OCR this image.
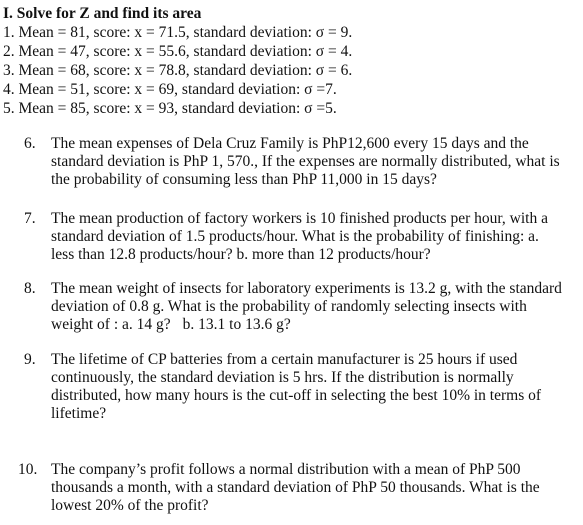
I. Solve for Z and find its area
1. Mean = 81, score: x = 71.5, standard deviation: σ = 9.
2. Mean = 47, score: x = 55.6, standard deviation: σ = 4.
3. Mean = 68, score: x = 78.8, standard deviation: σ = 6.
4. Mean = 51, score: x = 69, standard deviation: σ =7.
5. Mean = 85, score: x = 93, standard deviation: σ =5.
6. The mean expenses of Dela Cruz Family is PhP12,600 every 15 days and the
standard deviation is PhP 1, 570., If the expenses are normally distributed, what is
the probability of consuming less than PhP 11,000 in 15 days?
7. The mean production of factory workers is 10 finished products per hour, with a
standard deviation of 1.5 products/hour. What is the probability of finishing: a.
less than 12.8 products/hour? b. more than 12 products/hour?
8. The mean weight of insects for laboratory experiments is 13.2 g, with the standard
deviation of 0.8 g. What is the probability of randomly selecting insects with
weight of : a. 14 g? b. 13.1 to 13.6 g?
9. The lifetime of CP batteries from a certain manufacturer is 25 hours if used
continuously, the standard deviation is 5 hrs. If the distribution is normally
distributed, how many hours is the cut-off in selecting the best 10% in terms of
lifetime?
10. The company’s profit follows a normal distribution with a mean of PhP 500
thousands a month, with a standard deviation of PhP 50 thousands. What is the
lowest 20% of the profit?
